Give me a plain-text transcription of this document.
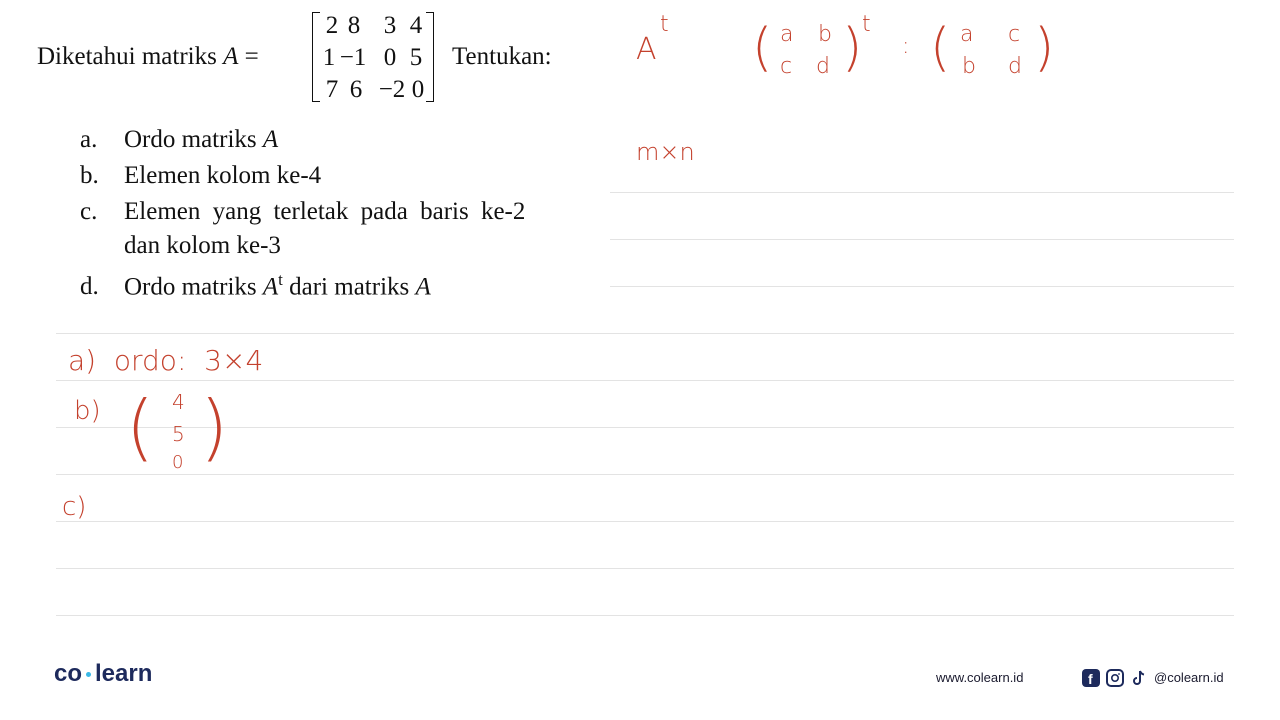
Diketahui matriks A =
2 8 3 4
1 −1 0 5
7 6 −2 0
Tentukan:
a. Ordo matriks A
b. Elemen kolom ke-4
c. Elemen yang terletak pada baris ke-2
dan kolom ke-3
d. Ordo matriks $A^t$ dari matriks A
A
t ( a b
c d ) t
: ( a c
b d )
m×n
a)  ordo:  3×4
b) ( 4
5
0 )
c)
co learn	www.colearn.id	f	@colearn.id
